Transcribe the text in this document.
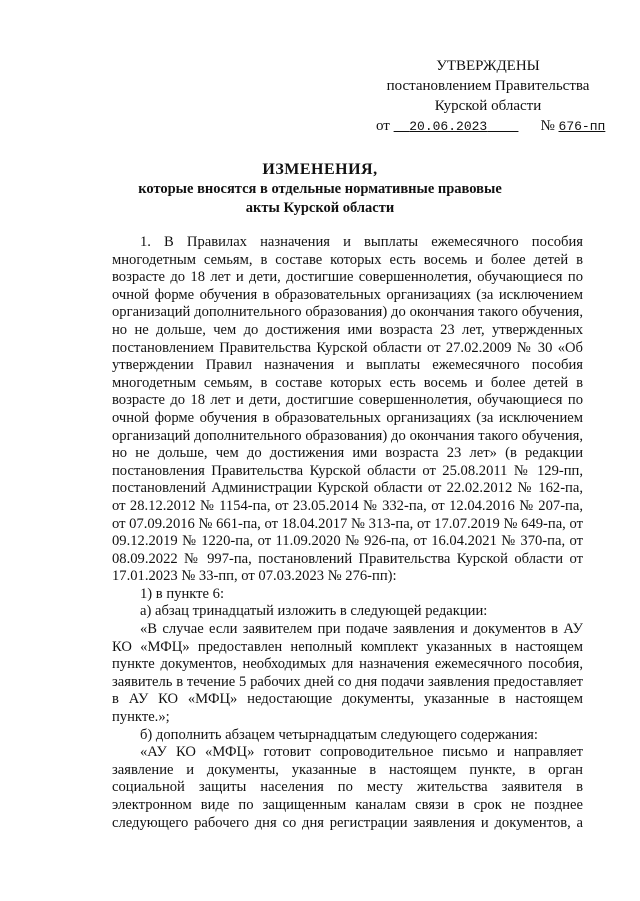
УТВЕРЖДЕНЫ
постановлением Правительства
Курской области
от 20.06.2023	№ 676-пп
ИЗМЕНЕНИЯ,
которые вносятся в отдельные нормативные правовые
акты Курской области

1. В Правилах назначения и выплаты ежемесячного пособия многодетным семьям, в составе которых есть восемь и более детей в возрасте до 18 лет и дети, достигшие совершеннолетия, обучающиеся по очной форме обучения в образовательных организациях (за исключением организаций дополнительного образования) до окончания такого обучения, но не дольше, чем до достижения ими возраста 23 лет, утвержденных постановлением Правительства Курской области от 27.02.2009 № 30 «Об утверждении Правил назначения и выплаты ежемесячного пособия многодетным семьям, в составе которых есть восемь и более детей в возрасте до 18 лет и дети, достигшие совершеннолетия, обучающиеся по очной форме обучения в образовательных организациях (за исключением организаций дополнительного образования) до окончания такого обучения, но не дольше, чем до достижения ими возраста 23 лет» (в редакции постановления Правительства Курской области от 25.08.2011 № 129-пп, постановлений Администрации Курской области от 22.02.2012 № 162-па, от 28.12.2012 № 1154-па, от 23.05.2014 № 332-па, от 12.04.2016 № 207-па, от 07.09.2016 № 661-па, от 18.04.2017 № 313-па, от 17.07.2019 № 649-па, от 09.12.2019 № 1220-па, от 11.09.2020 № 926-па, от 16.04.2021 № 370-па, от 08.09.2022 № 997-па, постановлений Правительства Курской области от 17.01.2023 № 33-пп, от 07.03.2023 № 276-пп):

1) в пункте 6:

а) абзац тринадцатый изложить в следующей редакции:

«В случае если заявителем при подаче заявления и документов в АУ КО «МФЦ» предоставлен неполный комплект указанных в настоящем пункте документов, необходимых для назначения ежемесячного пособия, заявитель в течение 5 рабочих дней со дня подачи заявления предоставляет в АУ КО «МФЦ» недостающие документы, указанные в настоящем пункте.»;

б) дополнить абзацем четырнадцатым следующего содержания:

«АУ КО «МФЦ» готовит сопроводительное письмо и направляет заявление и документы, указанные в настоящем пункте, в орган социальной защиты населения по месту жительства заявителя в электронном виде по защищенным каналам связи в срок не позднее следующего рабочего дня со дня регистрации заявления и документов, а
